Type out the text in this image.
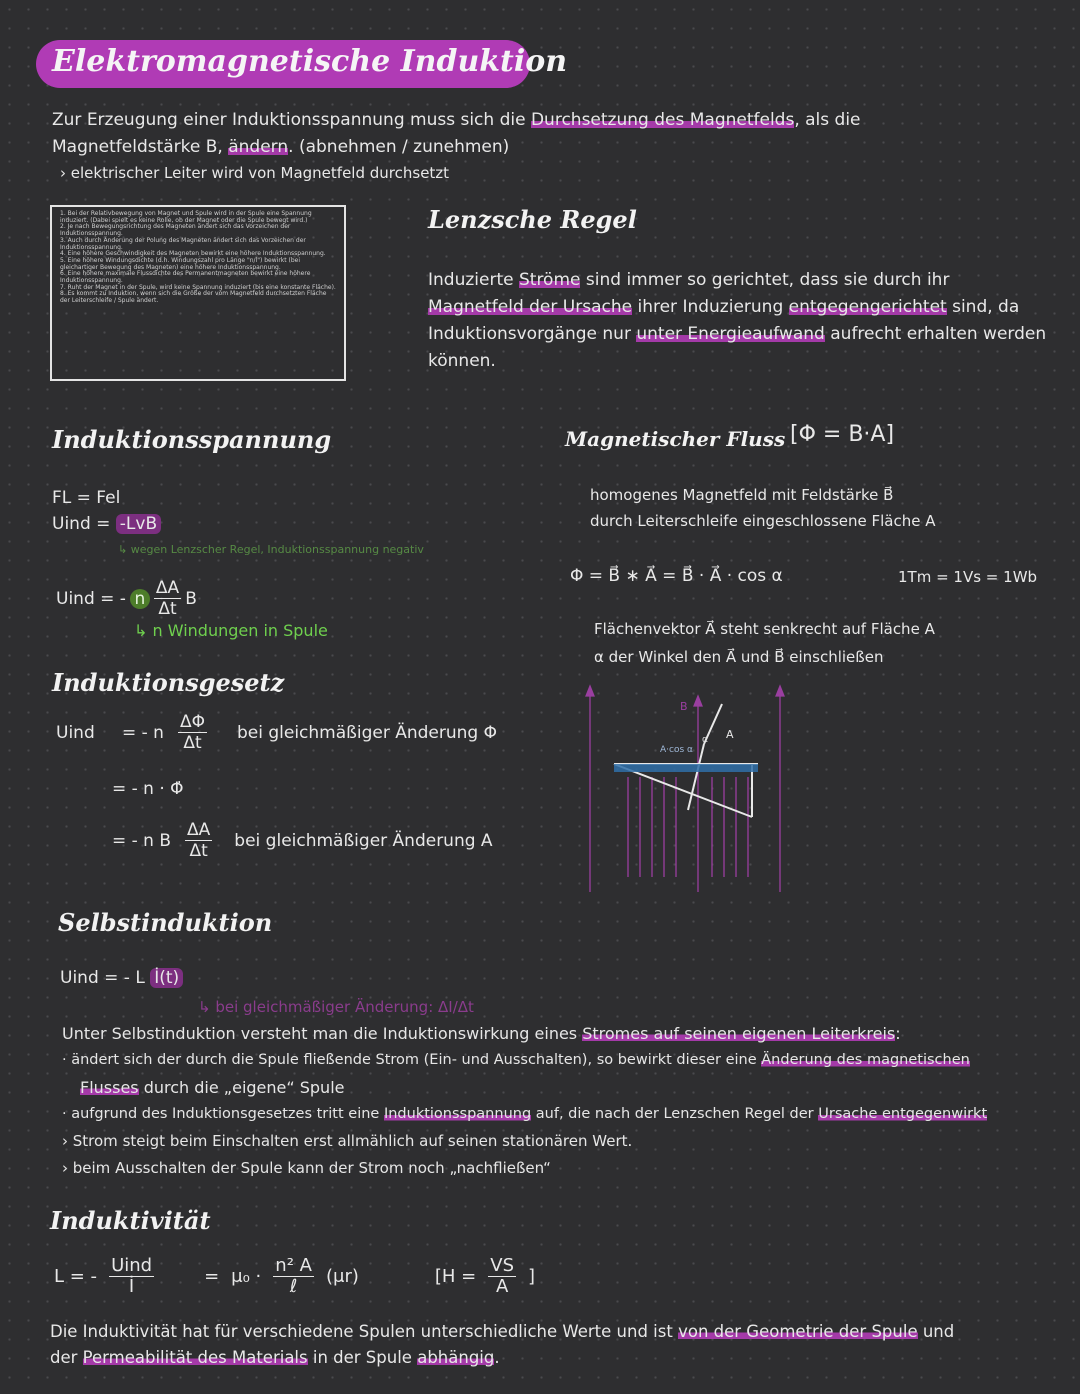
Elektromagnetische Induktion
Zur Erzeugung einer Induktionsspannung muss sich die Durchsetzung des Magnetfelds, als die
Magnetfeldstärke B, ändern. (abnehmen / zunehmen)
› elektrischer Leiter wird von Magnetfeld durchsetzt

1. Bei der Relativbewegung von Magnet und Spule wird in der Spule eine Spannung induziert. (Dabei spielt es keine Rolle, ob der Magnet oder die Spule bewegt wird.)

2. Je nach Bewegungsrichtung des Magneten ändert sich das Vorzeichen der Induktionsspannung.

3. Auch durch Änderung der Polung des Magneten ändert sich das Vorzeichen der Induktionsspannung.

4. Eine höhere Geschwindigkeit des Magneten bewirkt eine höhere Induktionsspannung.

5. Eine höhere Windungsdichte (d.h. Windungszahl pro Länge "n/l") bewirkt (bei gleichartiger Bewegung des Magneten) eine höhere Induktionsspannung.

6. Eine höhere maximale Flussdichte des Permanentmagneten bewirkt eine höhere Induktionsspannung.

7. Ruht der Magnet in der Spule, wird keine Spannung induziert (bis eine konstante Fläche).

8. Es kommt zu Induktion, wenn sich die Größe der vom Magnetfeld durchsetzten Fläche der Leiterschleife / Spule ändert.

Lenzsche Regel
Induzierte Ströme sind immer so gerichtet, dass sie durch ihr
Magnetfeld der Ursache ihrer Induzierung entgegengerichtet sind, da
Induktionsvorgänge nur unter Energieaufwand aufrecht erhalten werden
können.
Induktionsspannung
FL = Fel
Uind = -LvB
↳ wegen Lenzscher Regel, Induktionsspannung negativ
Uind = - n $\frac{\Delta A}{\Delta t}$ B
↳ n Windungen in Spule
Induktionsgesetz
Uind	= - n $\frac{\Delta\Phi}{\Delta t}$ bei gleichmäßiger Änderung Φ
= - n · Φ̇
= - n B $\frac{\Delta A}{\Delta t}$ bei gleichmäßiger Änderung A
Magnetischer Fluss [Φ = B·A]
homogenes Magnetfeld mit Feldstärke B⃗
durch Leiterschleife eingeschlossene Fläche A
Φ = B⃗ ∗ A⃗ = B⃗ · A⃗ · cos α	1Tm = 1Vs = 1Wb
Flächenvektor A⃗ steht senkrecht auf Fläche A
α der Winkel den A⃗ und B⃗ einschließen
A·cos α
B
A
α
Selbstinduktion
Uind = - L İ(t)
↳ bei gleichmäßiger Änderung: ΔI/Δt
Unter Selbstinduktion versteht man die Induktionswirkung eines Stromes auf seinen eigenen Leiterkreis:
· ändert sich der durch die Spule fließende Strom (Ein- und Ausschalten), so bewirkt dieser eine Änderung des magnetischen
Flusses durch die „eigene“ Spule
· aufgrund des Induktionsgesetzes tritt eine Induktionsspannung auf, die nach der Lenzschen Regel der Ursache entgegenwirkt
› Strom steigt beim Einschalten erst allmählich auf seinen stationären Wert.
› beim Ausschalten der Spule kann der Strom noch „nachfließen“
Induktivität
L = - $\frac{\text{Uind}}{İ}$	= $\mu_0 \cdot \frac{\text{n² A}}{\text{ℓ}} (\mu r)$	[$H = \frac{VS}{A}$ ]
Die Induktivität hat für verschiedene Spulen unterschiedliche Werte und ist von der Geometrie der Spule und
der Permeabilität des Materials in der Spule abhängig.
